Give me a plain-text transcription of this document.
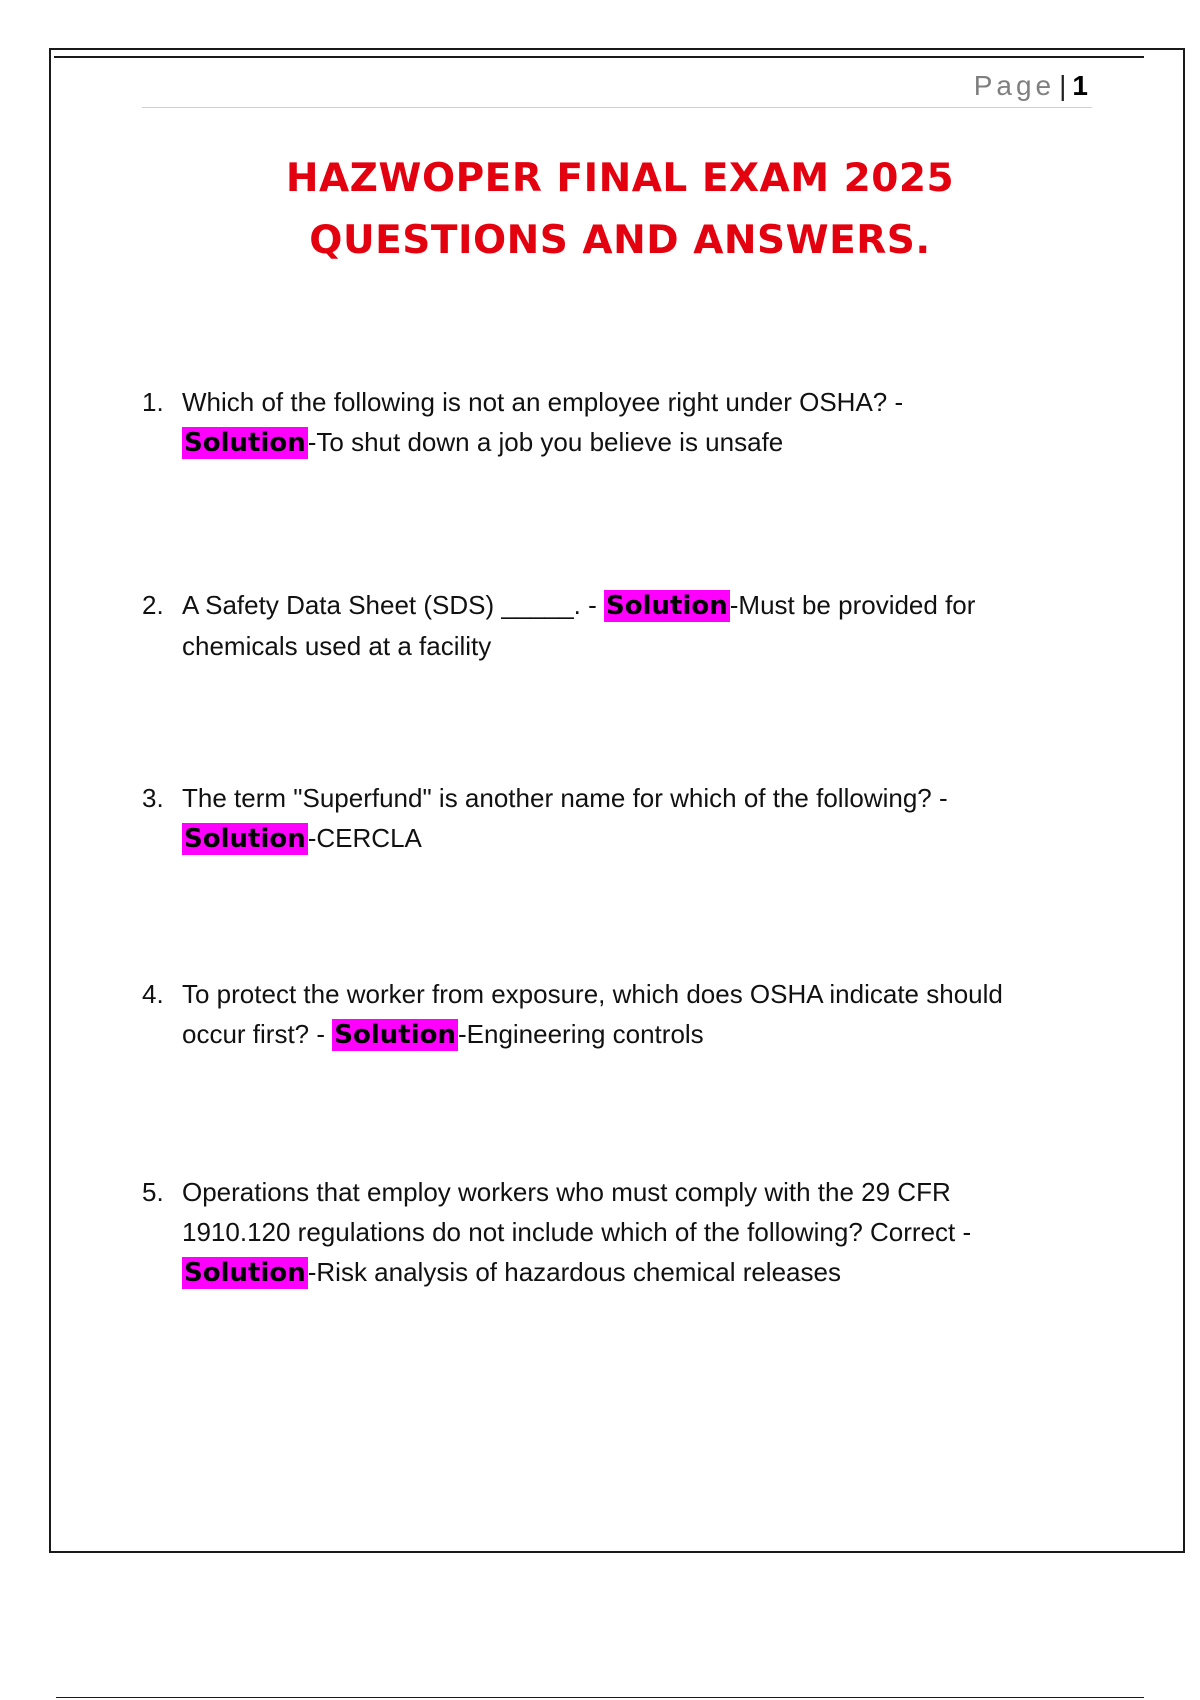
Page | 1
HAZWOPER FINAL EXAM 2025
QUESTIONS AND ANSWERS.
1. Which of the following is not an employee right under OSHA? -
Solution-To shut down a job you believe is unsafe
2. A Safety Data Sheet (SDS) _____. - Solution-Must be provided for
chemicals used at a facility
3. The term "Superfund" is another name for which of the following? -
Solution-CERCLA
4. To protect the worker from exposure, which does OSHA indicate should
occur first? - Solution-Engineering controls
5. Operations that employ workers who must comply with the 29 CFR
1910.120 regulations do not include which of the following? Correct -
Solution-Risk analysis of hazardous chemical releases
